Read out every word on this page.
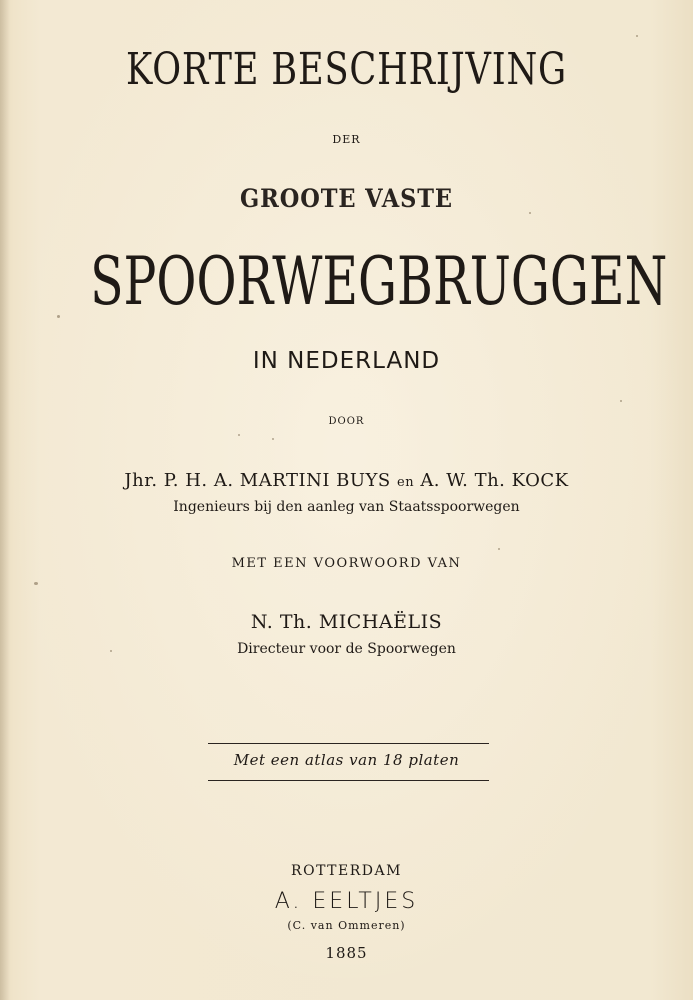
KORTE BESCHRIJVING
DER
GROOTE VASTE
SPOORWEGBRUGGEN
IN NEDERLAND
DOOR
Jhr. P. H. A. MARTINI BUYS en A. W. Th. KOCK
Ingenieurs bij den aanleg van Staatsspoorwegen
MET EEN VOORWOORD VAN
N. Th. MICHAËLIS
Directeur voor de Spoorwegen
Met een atlas van 18 platen
ROTTERDAM
A. EELTJES
(C. van Ommeren)
1885
